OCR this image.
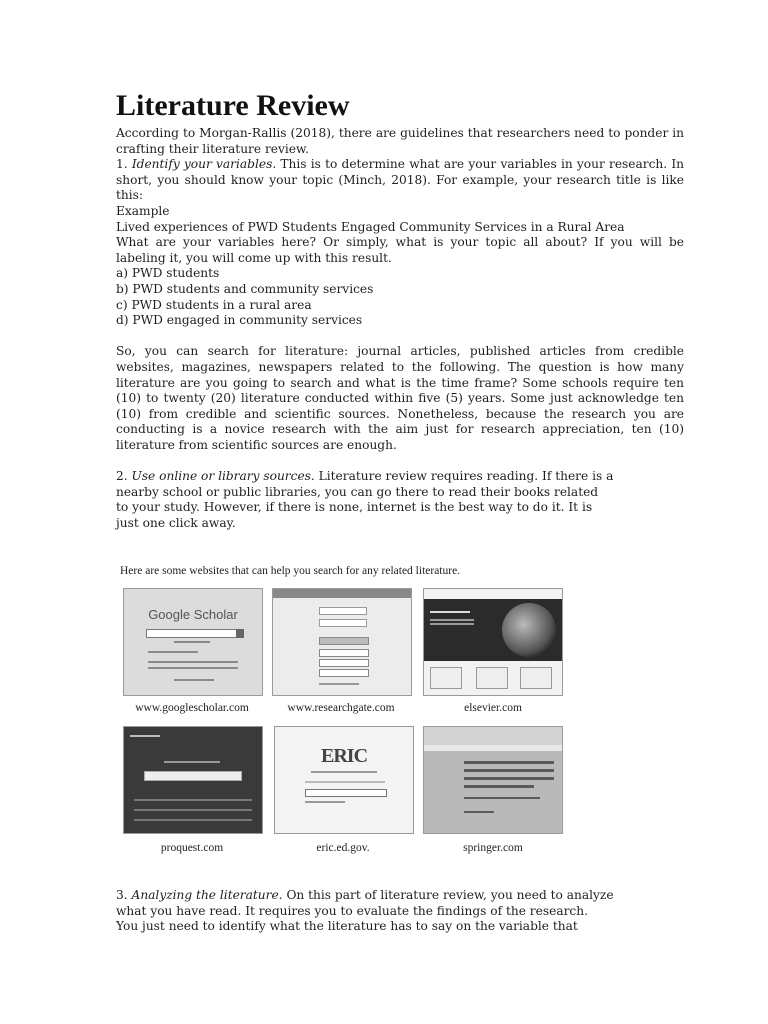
Literature Review

According to Morgan-Rallis (2018), there are guidelines that researchers need to ponder in crafting their literature review.

1. Identify your variables. This is to determine what are your variables in your research. In short, you should know your topic (Minch, 2018). For example, your research title is like this:

Example

Lived experiences of PWD Students Engaged Community Services in a Rural Area

What are your variables here? Or simply, what is your topic all about? If you will be labeling it, you will come up with this result.

a) PWD students

b) PWD students and community services

c) PWD students in a rural area

d) PWD engaged in community services

So, you can search for literature: journal articles, published articles from credible websites, magazines, newspapers related to the following. The question is how many literature are you going to search and what is the time frame? Some schools require ten (10) to twenty (20) literature conducted within five (5) years. Some just acknowledge ten (10) from credible and scientific sources. Nonetheless, because the research you are conducting is a novice research with the aim just for research appreciation, ten (10) literature from scientific sources are enough.

2. Use online or library sources. Literature review requires reading. If there is a

nearby school or public libraries, you can go there to read their books related

to your study. However, if there is none, internet is the best way to do it. It is

just one click away.

Here are some websites that can help you search for any related literature.
Google Scholar
www.googlescholar.com	www.researchgate.com	elsevier.com
proquest.com
ERIC
eric.ed.gov.	springer.com

3. Analyzing the literature. On this part of literature review, you need to analyze

what you have read. It requires you to evaluate the findings of the research.

You just need to identify what the literature has to say on the variable that
